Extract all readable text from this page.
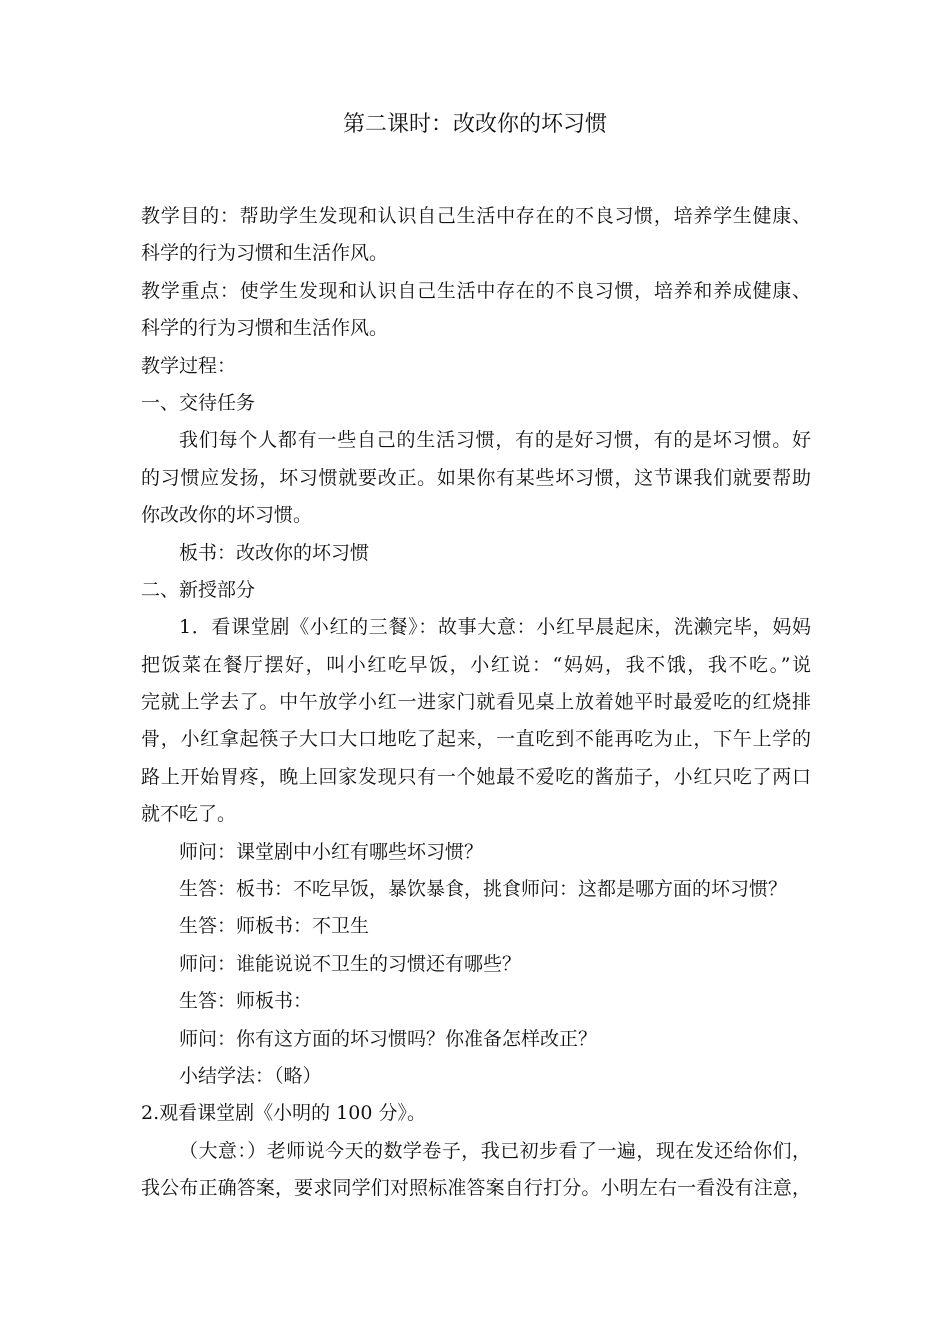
第二课时：改改你的坏习惯
教学目的：帮助学生发现和认识自己生活中存在的不良习惯，培养学生健康、
科学的行为习惯和生活作风。
教学重点：使学生发现和认识自己生活中存在的不良习惯，培养和养成健康、
科学的行为习惯和生活作风。
教学过程：
一、交待任务
我们每个人都有一些自己的生活习惯，有的是好习惯，有的是坏习惯。好
的习惯应发扬，坏习惯就要改正。如果你有某些坏习惯，这节课我们就要帮助
你改改你的坏习惯。
板书：改改你的坏习惯
二、新授部分
1．看课堂剧《小红的三餐》：故事大意：小红早晨起床，洗濑完毕，妈妈
把饭菜在餐厅摆好，叫小红吃早饭，小红说：“妈妈，我不饿，我不吃。”说
完就上学去了。中午放学小红一进家门就看见桌上放着她平时最爱吃的红烧排
骨，小红拿起筷子大口大口地吃了起来，一直吃到不能再吃为止，下午上学的
路上开始胃疼，晚上回家发现只有一个她最不爱吃的酱茄子，小红只吃了两口
就不吃了。
师问：课堂剧中小红有哪些坏习惯？
生答：板书：不吃早饭，暴饮暴食，挑食师问：这都是哪方面的坏习惯？
生答：师板书：不卫生
师问：谁能说说不卫生的习惯还有哪些？
生答：师板书：
师问：你有这方面的坏习惯吗？你准备怎样改正？
小结学法：（略）
2.观看课堂剧《小明的 100 分》。
（大意：）老师说今天的数学卷子，我已初步看了一遍，现在发还给你们，
我公布正确答案，要求同学们对照标准答案自行打分。小明左右一看没有注意，
